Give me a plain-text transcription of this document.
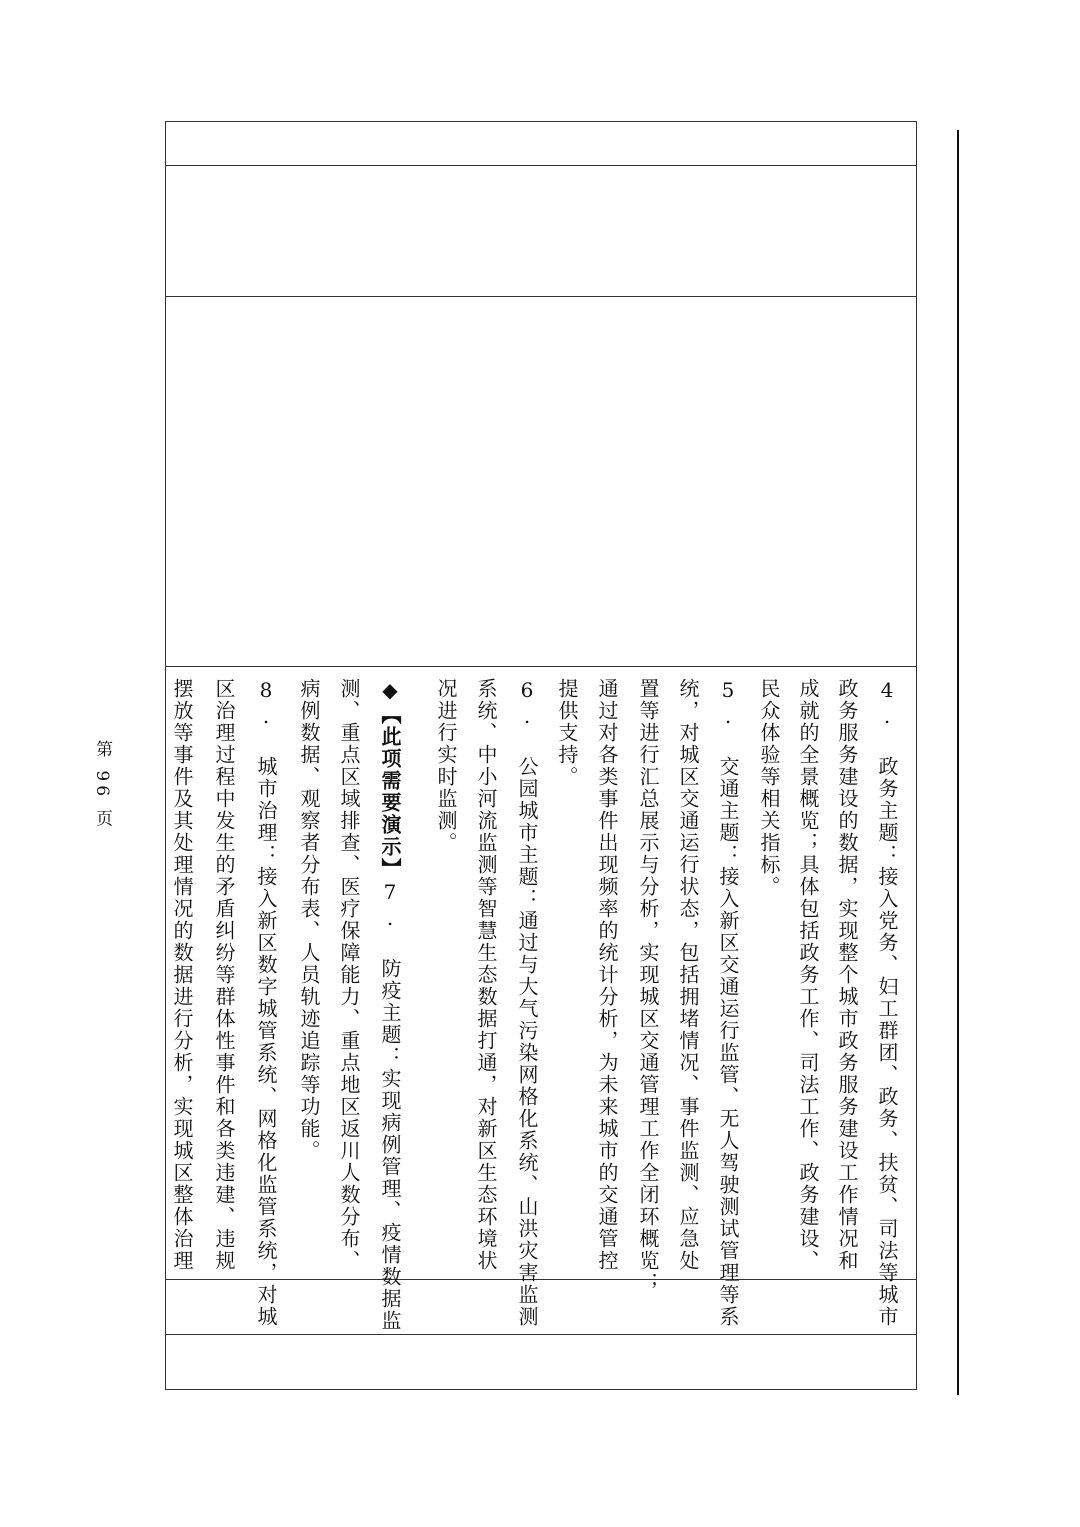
4. 政务主题：接入党务、妇工群团、政务、扶贫、司法等城市
政务服务建设的数据，实现整个城市政务服务建设工作情况和
成就的全景概览；具体包括政务工作、司法工作、政务建设、
民众体验等相关指标。
5. 交通主题：接入新区交通运行监管、无人驾驶测试管理等系
统，对城区交通运行状态，包括拥堵情况、事件监测、应急处
置等进行汇总展示与分析，实现城区交通管理工作全闭环概览；
通过对各类事件出现频率的统计分析，为未来城市的交通管控
提供支持。
6. 公园城市主题：通过与大气污染网格化系统、山洪灾害监测
系统、中小河流监测等智慧生态数据打通，对新区生态环境状
况进行实时监测。
◆【此项需要演示】7. 防疫主题：实现病例管理、疫情数据监
测、重点区域排查、医疗保障能力、重点地区返川人数分布、
病例数据、观察者分布表、人员轨迹追踪等功能。
8. 城市治理：接入新区数字城管系统、网格化监管系统，对城
区治理过程中发生的矛盾纠纷等群体性事件和各类违建、违规
摆放等事件及其处理情况的数据进行分析，实现城区整体治理
第 96 页
